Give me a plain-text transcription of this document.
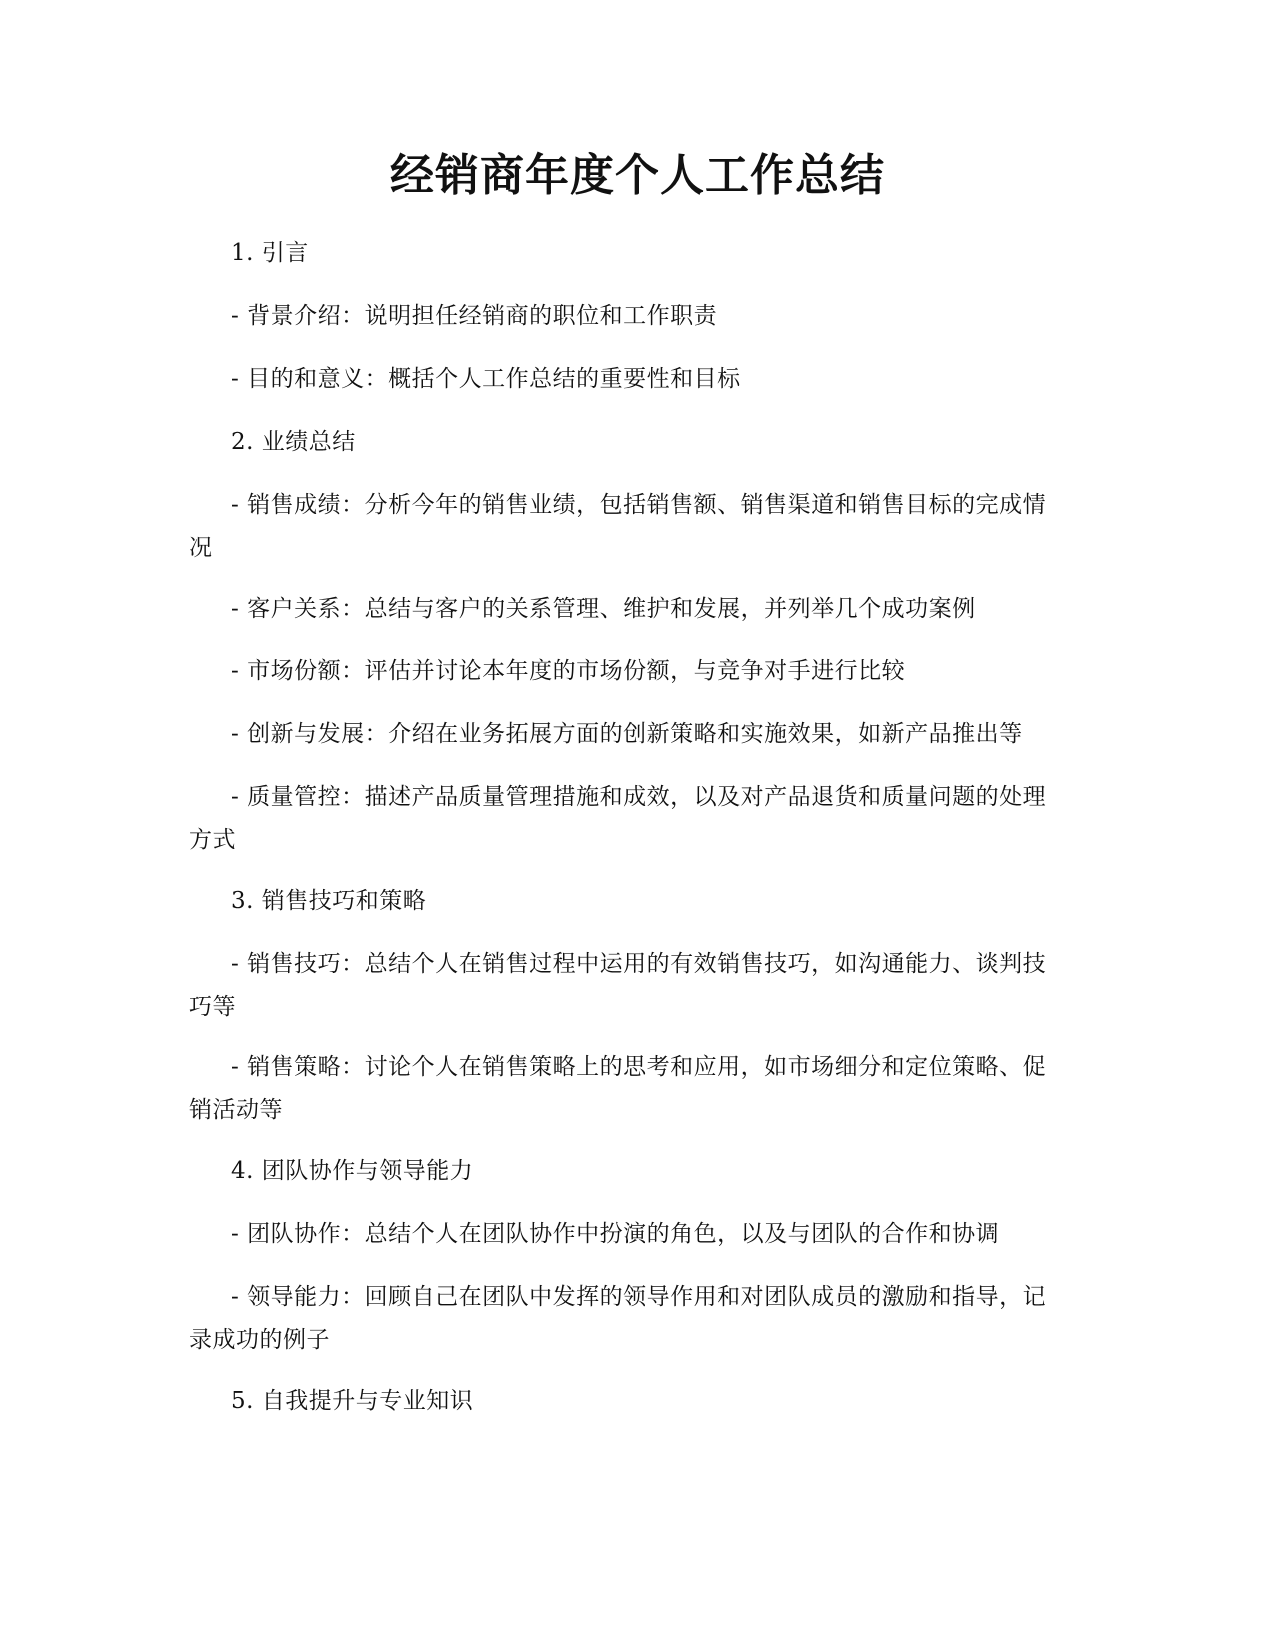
经销商年度个人工作总结

1. 引言

- 背景介绍：说明担任经销商的职位和工作职责

- 目的和意义：概括个人工作总结的重要性和目标

2. 业绩总结

- 销售成绩：分析今年的销售业绩，包括销售额、销售渠道和销售目标的完成情况

- 客户关系：总结与客户的关系管理、维护和发展，并列举几个成功案例

- 市场份额：评估并讨论本年度的市场份额，与竞争对手进行比较

- 创新与发展：介绍在业务拓展方面的创新策略和实施效果，如新产品推出等

- 质量管控：描述产品质量管理措施和成效，以及对产品退货和质量问题的处理方式

3. 销售技巧和策略

- 销售技巧：总结个人在销售过程中运用的有效销售技巧，如沟通能力、谈判技巧等

- 销售策略：讨论个人在销售策略上的思考和应用，如市场细分和定位策略、促销活动等

4. 团队协作与领导能力

- 团队协作：总结个人在团队协作中扮演的角色，以及与团队的合作和协调

- 领导能力：回顾自己在团队中发挥的领导作用和对团队成员的激励和指导，记录成功的例子

5. 自我提升与专业知识
